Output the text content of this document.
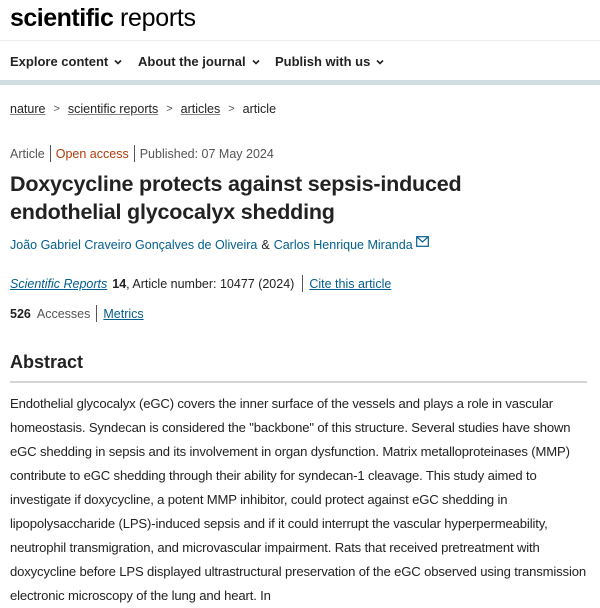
scientific reports
Explore content About the journal Publish with us
nature > scientific reports > articles > article
Article Open access Published: 07 May 2024
Doxycycline protects against sepsis-induced endothelial glycocalyx shedding
João Gabriel Craveiro Gonçalves de Oliveira & Carlos Henrique Miranda
Scientific Reports 14 , Article number: 10477 (2024) Cite this article
526 Accesses Metrics
Abstract

Endothelial glycocalyx (eGC) covers the inner surface of the vessels and plays a role in vascular homeostasis. Syndecan is considered the "backbone" of this structure. Several studies have shown eGC shedding in sepsis and its involvement in organ dysfunction. Matrix metalloproteinases (MMP) contribute to eGC shedding through their ability for syndecan-1 cleavage. This study aimed to investigate if doxycycline, a potent MMP inhibitor, could protect against eGC shedding in lipopolysaccharide (LPS)-induced sepsis and if it could interrupt the vascular hyperpermeability, neutrophil transmigration, and microvascular impairment. Rats that received pretreatment with doxycycline before LPS displayed ultrastructural preservation of the eGC observed using transmission electronic microscopy of the lung and heart. In
